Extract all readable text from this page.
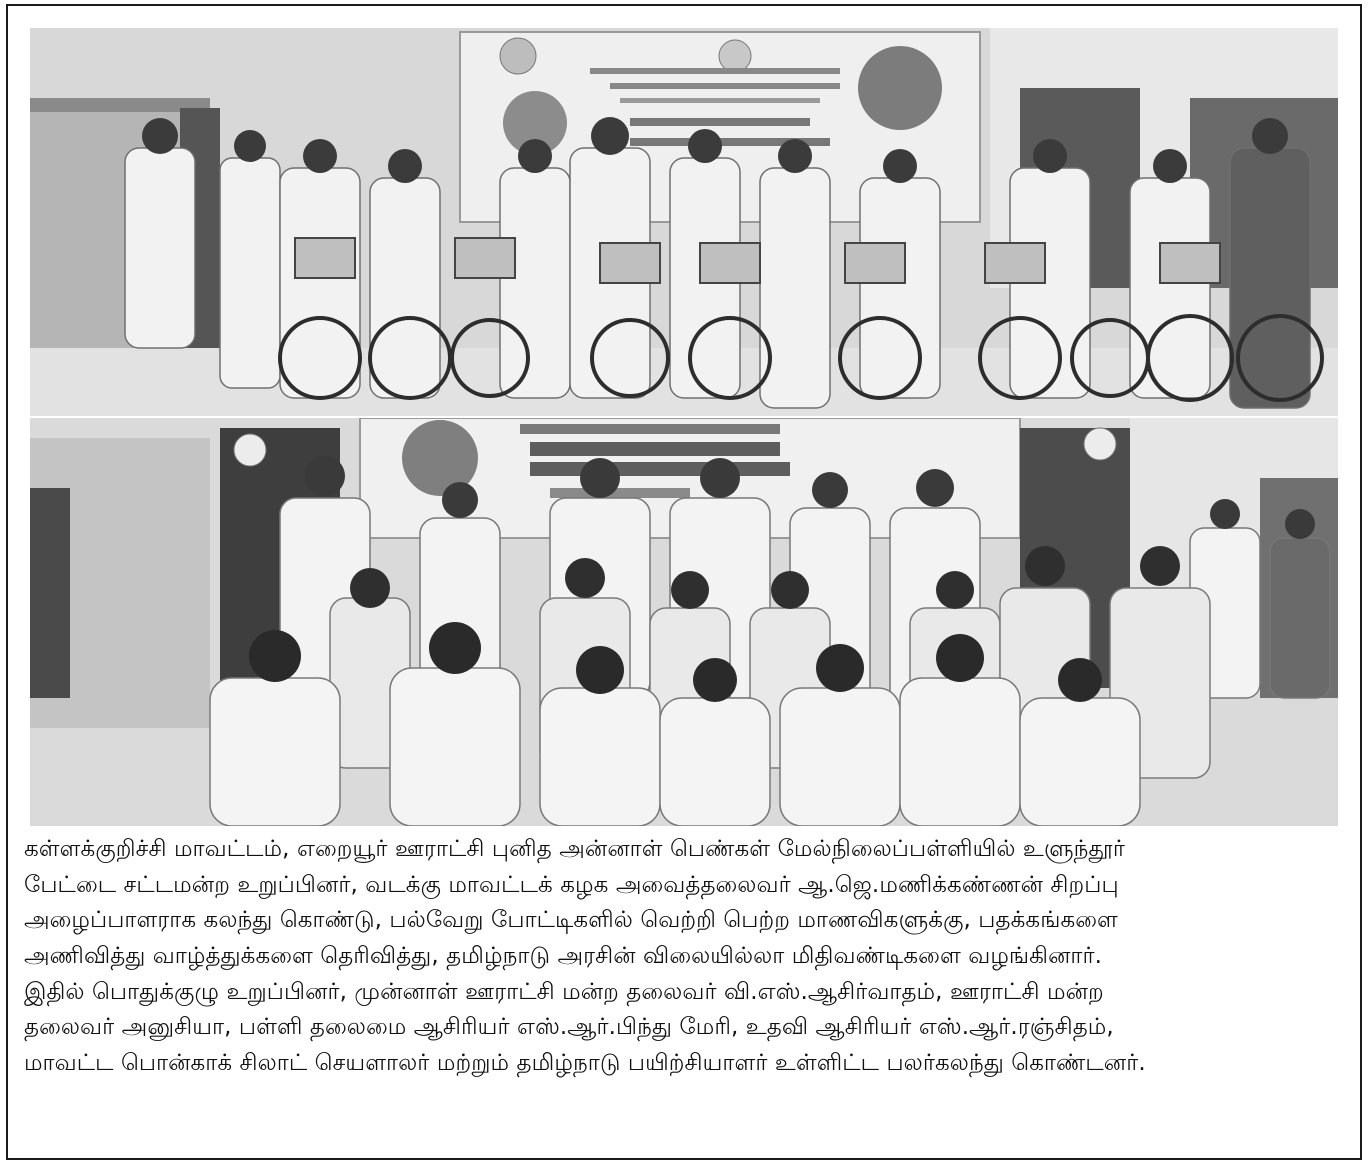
கள்ளக்குறிச்சி மாவட்டம், எறையூர் ஊராட்சி புனித அன்னாள் பெண்கள் மேல்நிலைப்பள்ளியில் உளுந்தூர்
பேட்டை சட்டமன்ற உறுப்பினர், வடக்கு மாவட்டக் கழக அவைத்தலைவர் ஆ.ஜெ.மணிக்கண்ணன் சிறப்பு
அழைப்பாளராக கலந்து கொண்டு, பல்வேறு போட்டிகளில் வெற்றி பெற்ற மாணவிகளுக்கு, பதக்கங்களை
அணிவித்து வாழ்த்துக்களை தெரிவித்து, தமிழ்நாடு அரசின் விலையில்லா மிதிவண்டிகளை வழங்கினார்.
இதில் பொதுக்குழு உறுப்பினர், முன்னாள் ஊராட்சி மன்ற தலைவர் வி.எஸ்.ஆசிர்வாதம், ஊராட்சி மன்ற
தலைவர் அனுசியா, பள்ளி தலைமை ஆசிரியர் எஸ்.ஆர்.பிந்து மேரி, உதவி ஆசிரியர் எஸ்.ஆர்.ரஞ்சிதம்,
மாவட்ட பொன்காக் சிலாட் செயளாலர் மற்றும் தமிழ்நாடு பயிற்சியாளர் உள்ளிட்ட பலர்கலந்து கொண்டனர்.
